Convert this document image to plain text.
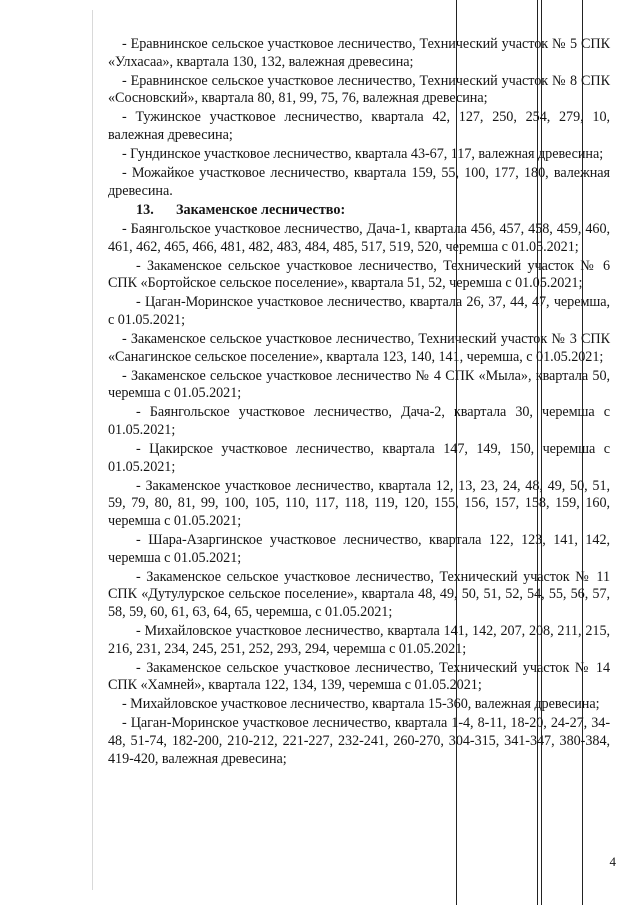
- Еравнинское сельское участковое лесничество, Технический участок № 5 СПК «Улхасаа», квартала 130, 132, валежная древесина;

- Еравнинское сельское участковое лесничество, Технический участок № 8 СПК «Сосновский», квартала 80, 81, 99, 75, 76, валежная древесина;

- Тужинское участковое лесничество, квартала 42, 127, 250, 254, 279, 10, валежная древесина;

- Гундинское участковое лесничество, квартала 43-67, 117, валежная древесина;

- Можайкое участковое лесничество, квартала 159, 55, 100, 177, 180, валежная древесина.

13. Закаменское лесничество:

- Баянгольское участковое лесничество, Дача-1, квартала 456, 457, 458, 459, 460, 461, 462, 465, 466, 481, 482, 483, 484, 485, 517, 519, 520, черемша с 01.05.2021;

- Закаменское сельское участковое лесничество, Технический участок № 6 СПК «Бортойское сельское поселение», квартала 51, 52, черемша с 01.05.2021;

- Цаган-Моринское участковое лесничество, квартала 26, 37, 44, 47, черемша, с 01.05.2021;

- Закаменское сельское участковое лесничество, Технический участок № 3 СПК «Санагинское сельское поселение», квартала 123, 140, 141, черемша, с 01.05.2021;

- Закаменское сельское участковое лесничество № 4 СПК «Мыла», квартала 50, черемша с 01.05.2021;

- Баянгольское участковое лесничество, Дача-2, квартала 30, черемша с 01.05.2021;

- Цакирское участковое лесничество, квартала 147, 149, 150, черемша с 01.05.2021;

- Закаменское участковое лесничество, квартала 12, 13, 23, 24, 48, 49, 50, 51, 59, 79, 80, 81, 99, 100, 105, 110, 117, 118, 119, 120, 155, 156, 157, 158, 159, 160, черемша с 01.05.2021;

- Шара-Азаргинское участковое лесничество, квартала 122, 123, 141, 142, черемша с 01.05.2021;

- Закаменское сельское участковое лесничество, Технический участок № 11 СПК «Дутулурское сельское поселение», квартала 48, 49, 50, 51, 52, 54, 55, 56, 57, 58, 59, 60, 61, 63, 64, 65, черемша, с 01.05.2021;

- Михайловское участковое лесничество, квартала 141, 142, 207, 208, 211, 215, 216, 231, 234, 245, 251, 252, 293, 294, черемша с 01.05.2021;

- Закаменское сельское участковое лесничество, Технический участок № 14 СПК «Хамней», квартала 122, 134, 139, черемша с 01.05.2021;

- Михайловское участковое лесничество, квартала 15-360, валежная древесина;

- Цаган-Моринское участковое лесничество, квартала 1-4, 8-11, 18-20, 24-27, 34-48, 51-74, 182-200, 210-212, 221-227, 232-241, 260-270, 304-315, 341-347, 380-384, 419-420, валежная древесина;

4
